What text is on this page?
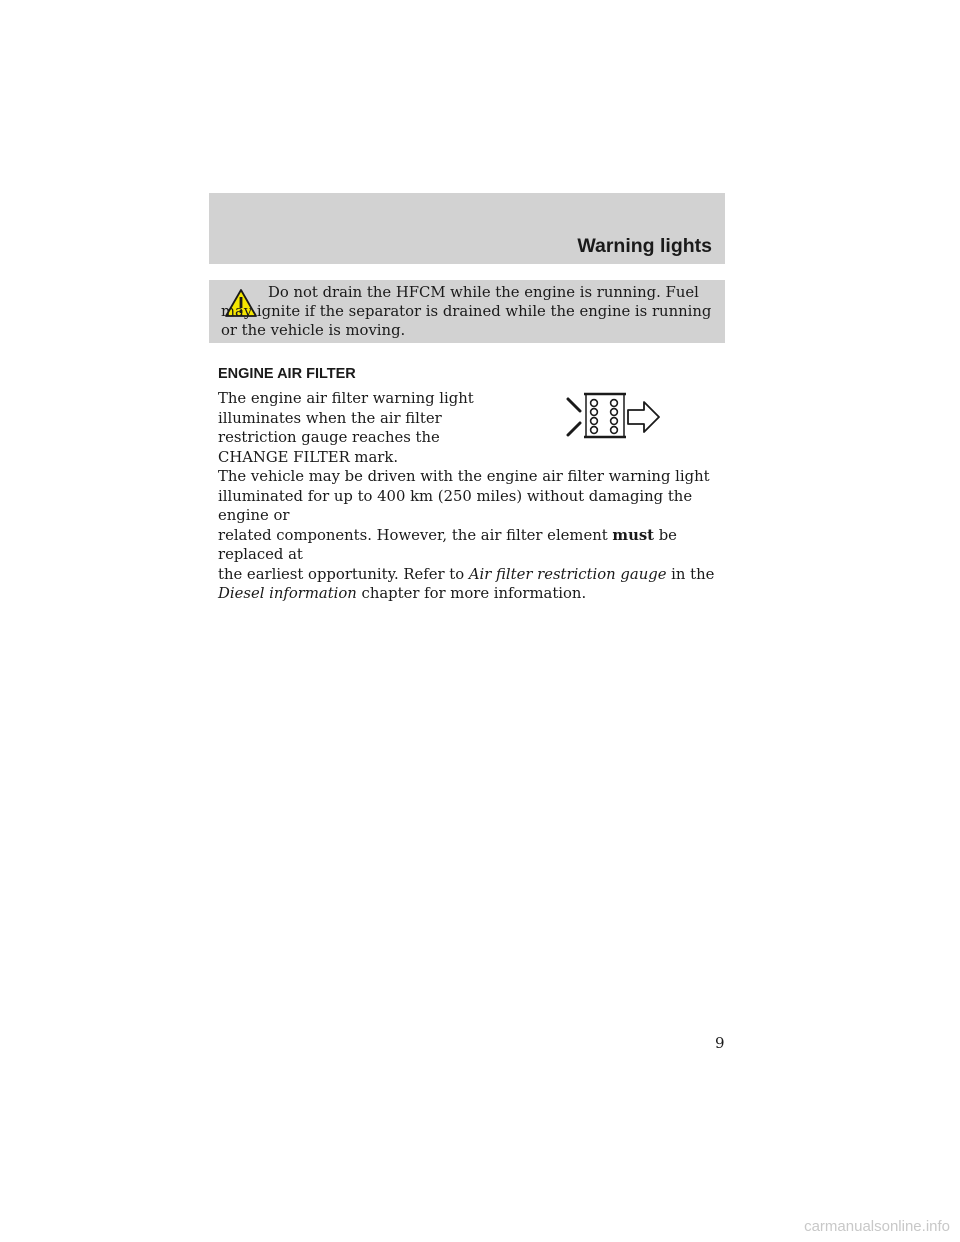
Warning lights

Do not drain the HFCM while the engine is running. Fuel may ignite if the separator is drained while the engine is running or the vehicle is moving.

ENGINE AIR FILTER

The engine air filter warning light
illuminates when the air filter
restriction gauge reaches the
CHANGE FILTER mark.

The vehicle may be driven with the engine air filter warning light
illuminated for up to 400 km (250 miles) without damaging the engine or
related components. However, the air filter element must be replaced at
the earliest opportunity. Refer to Air filter restriction gauge in the
Diesel information chapter for more information.

9

carmanualsonline.info
